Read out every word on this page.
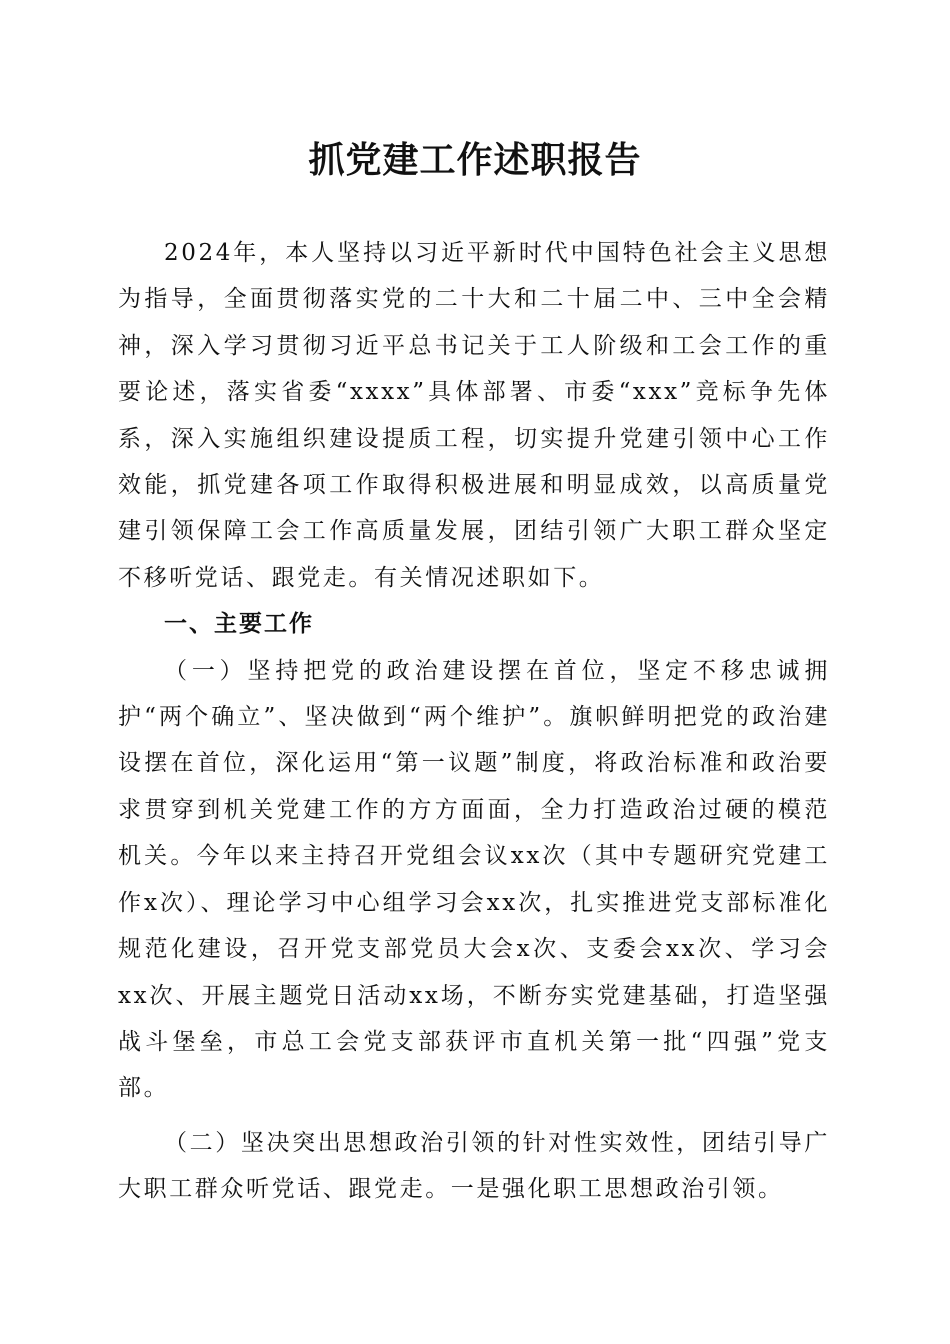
抓党建工作述职报告

2024年，本人坚持以习近平新时代中国特色社会主义思想为指导，全面贯彻落实党的二十大和二十届二中、三中全会精神，深入学习贯彻习近平总书记关于工人阶级和工会工作的重要论述，落实省委“xxxx”具体部署、市委“xxx”竞标争先体系，深入实施组织建设提质工程，切实提升党建引领中心工作效能，抓党建各项工作取得积极进展和明显成效，以高质量党建引领保障工会工作高质量发展，团结引领广大职工群众坚定不移听党话、跟党走。有关情况述职如下。

一、主要工作

（一）坚持把党的政治建设摆在首位，坚定不移忠诚拥护“两个确立”、坚决做到“两个维护”。旗帜鲜明把党的政治建设摆在首位，深化运用“第一议题”制度，将政治标准和政治要求贯穿到机关党建工作的方方面面，全力打造政治过硬的模范机关。今年以来主持召开党组会议xx次（其中专题研究党建工作x次）、理论学习中心组学习会xx次，扎实推进党支部标准化规范化建设，召开党支部党员大会x次、支委会xx次、学习会xx次、开展主题党日活动xx场，不断夯实党建基础，打造坚强战斗堡垒，市总工会党支部获评市直机关第一批“四强”党支部。

（二）坚决突出思想政治引领的针对性实效性，团结引导广大职工群众听党话、跟党走。一是强化职工思想政治引领。
